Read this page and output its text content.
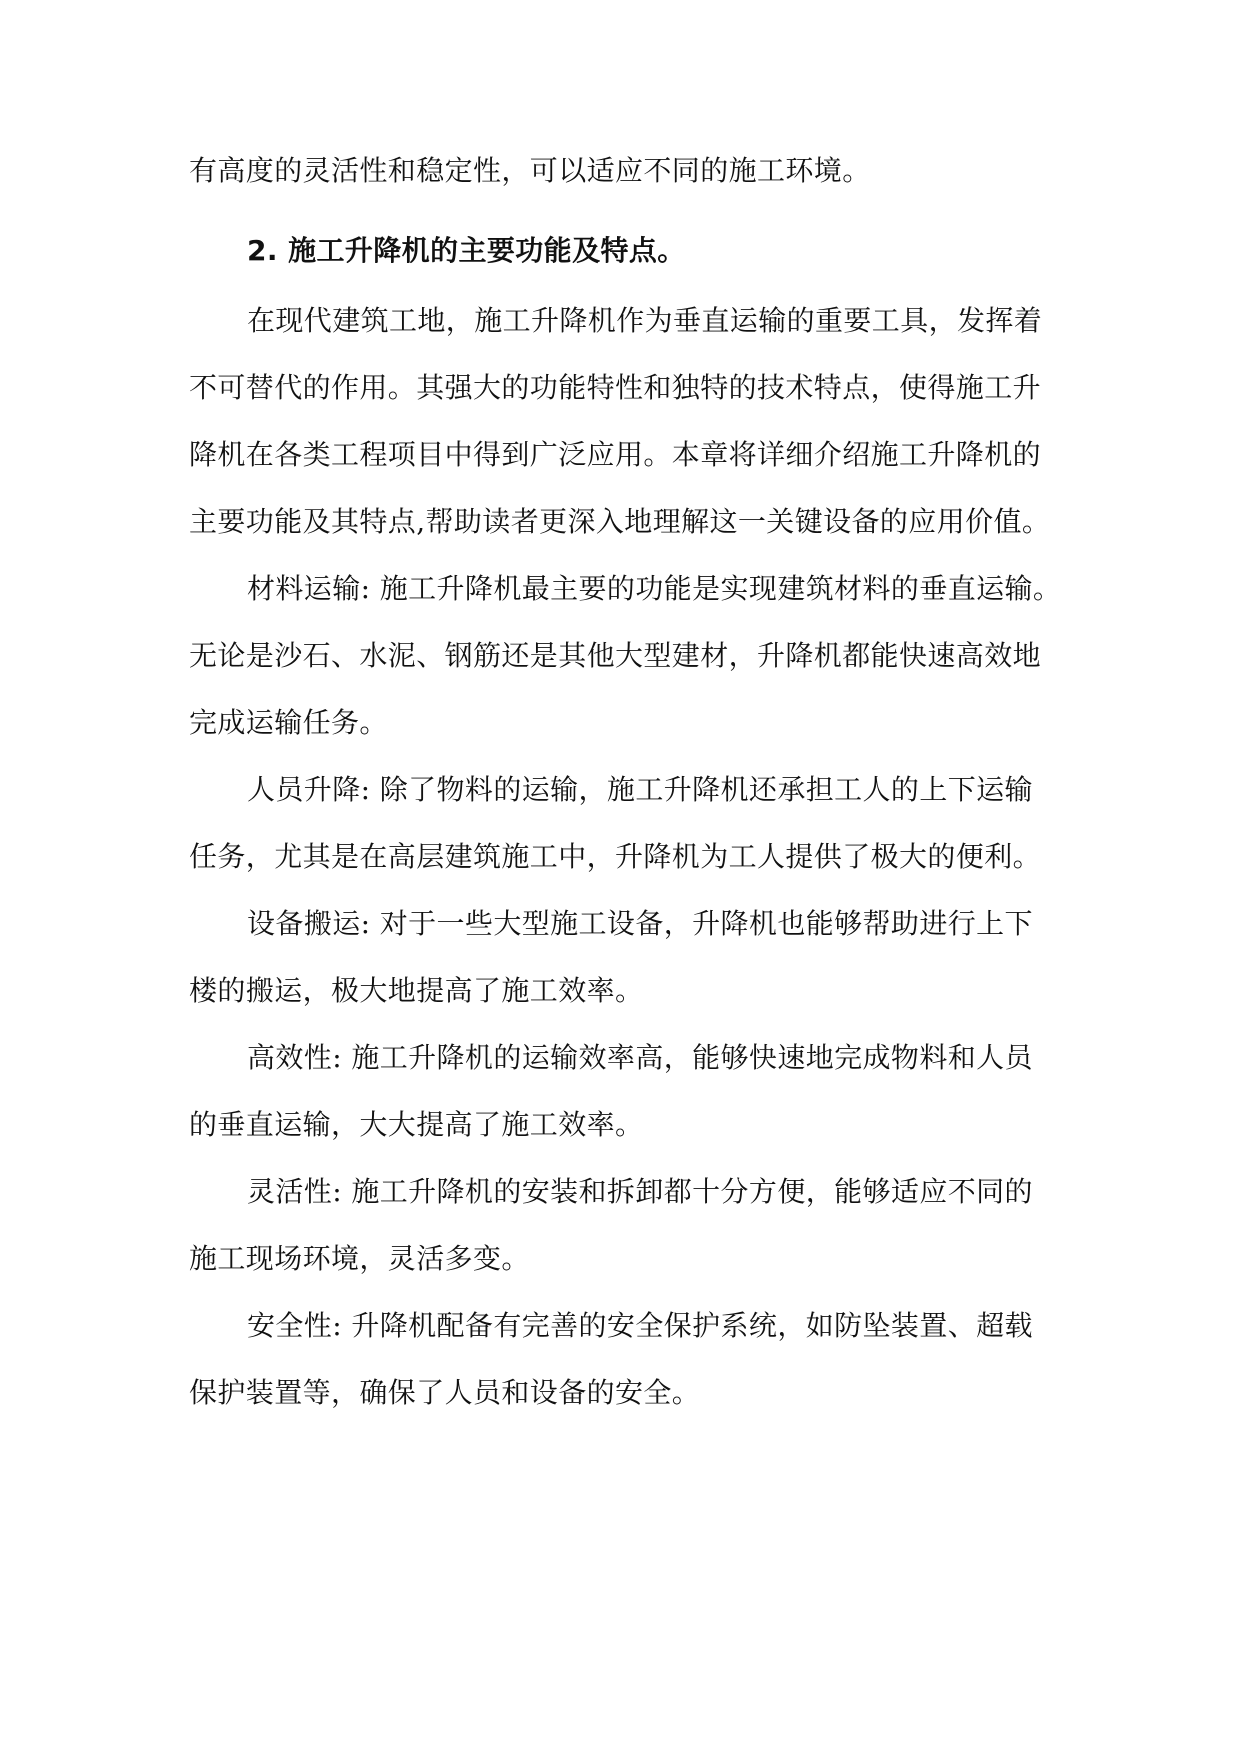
有高度的灵活性和稳定性，可以适应不同的施工环境。
2. 施工升降机的主要功能及特点。
在现代建筑工地，施工升降机作为垂直运输的重要工具，发挥着
不可替代的作用。其强大的功能特性和独特的技术特点，使得施工升
降机在各类工程项目中得到广泛应用。本章将详细介绍施工升降机的
主要功能及其特点,帮助读者更深入地理解这一关键设备的应用价值。
材料运输: 施工升降机最主要的功能是实现建筑材料的垂直运输。
无论是沙石、水泥、钢筋还是其他大型建材，升降机都能快速高效地
完成运输任务。
人员升降: 除了物料的运输，施工升降机还承担工人的上下运输
任务，尤其是在高层建筑施工中，升降机为工人提供了极大的便利。
设备搬运: 对于一些大型施工设备，升降机也能够帮助进行上下
楼的搬运，极大地提高了施工效率。
高效性: 施工升降机的运输效率高，能够快速地完成物料和人员
的垂直运输，大大提高了施工效率。
灵活性: 施工升降机的安装和拆卸都十分方便，能够适应不同的
施工现场环境，灵活多变。
安全性: 升降机配备有完善的安全保护系统，如防坠装置、超载
保护装置等，确保了人员和设备的安全。
